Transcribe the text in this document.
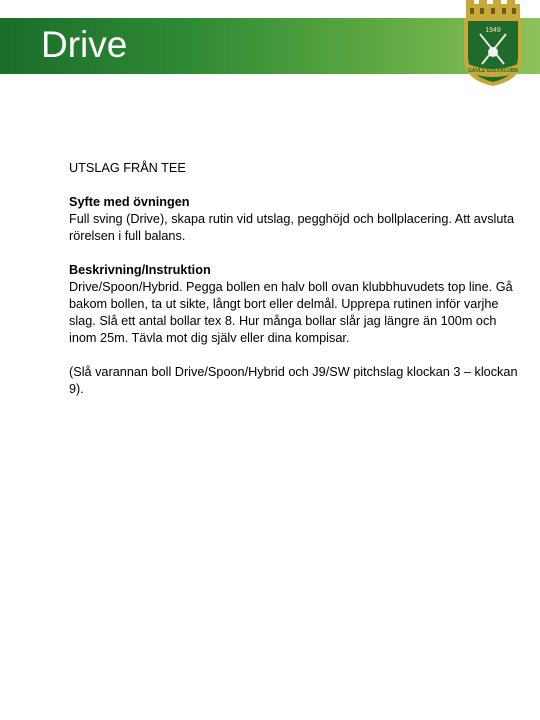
Drive	1949
GÄVLE GOLFKLUBB

UTSLAG FRÅN TEE

Syfte med övningen

Full sving (Drive), skapa rutin vid utslag, pegghöjd och bollplacering. Att avsluta rörelsen i full balans.

Beskrivning/Instruktion

Drive/Spoon/Hybrid. Pegga bollen en halv boll ovan klubbhuvudets top line. Gå bakom bollen, ta ut sikte, långt bort eller delmål. Upprepa rutinen inför varjhe slag. Slå ett antal bollar tex 8. Hur många bollar slår jag längre än 100m och inom 25m. Tävla mot dig själv eller dina kompisar.

(Slå varannan boll Drive/Spoon/Hybrid och J9/SW pitchslag klockan 3 – klockan 9).
